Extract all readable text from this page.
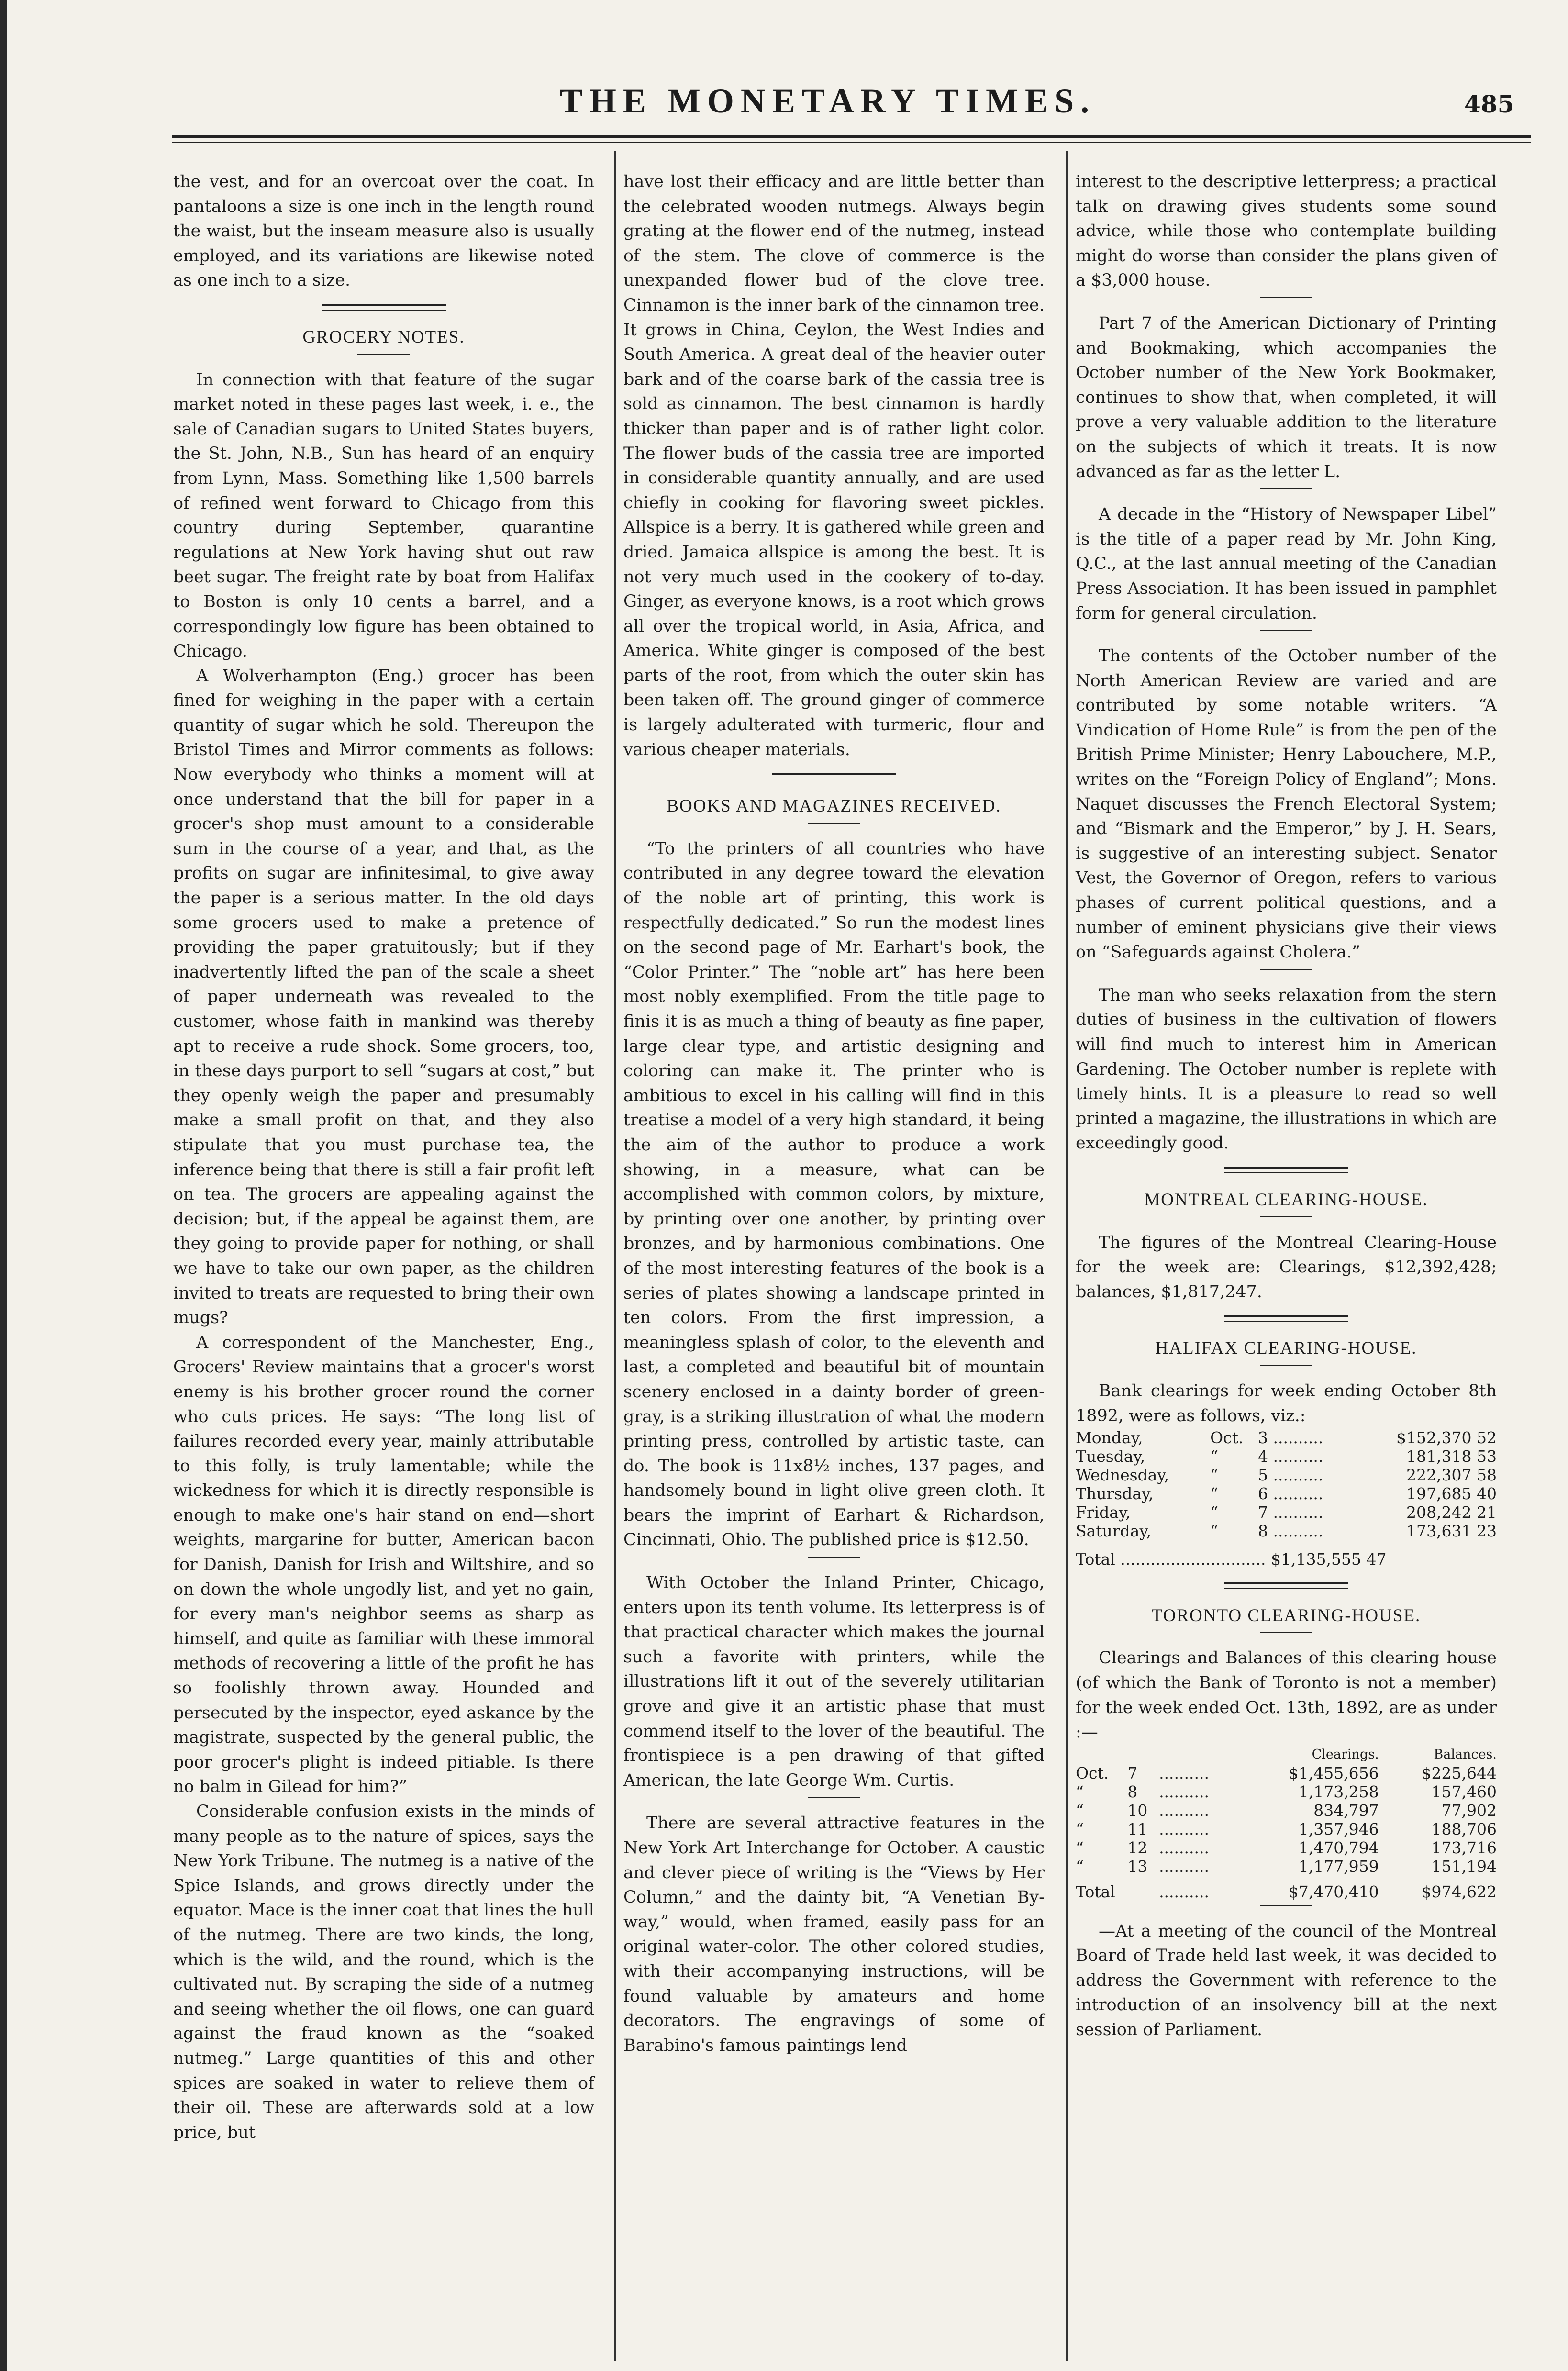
THE MONETARY TIMES.	485

the vest, and for an overcoat over the coat. In pantaloons a size is one inch in the length round the waist, but the inseam measure also is usually employed, and its variations are likewise noted as one inch to a size.

GROCERY NOTES.

In connection with that feature of the sugar market noted in these pages last week, i. e., the sale of Canadian sugars to United States buyers, the St. John, N.B., Sun has heard of an enquiry from Lynn, Mass. Something like 1,500 barrels of refined went forward to Chicago from this country during September, quarantine regulations at New York having shut out raw beet sugar. The freight rate by boat from Halifax to Boston is only 10 cents a barrel, and a correspondingly low figure has been obtained to Chicago.

A Wolverhampton (Eng.) grocer has been fined for weighing in the paper with a certain quantity of sugar which he sold. Thereupon the Bristol Times and Mirror comments as follows: Now everybody who thinks a moment will at once understand that the bill for paper in a grocer's shop must amount to a considerable sum in the course of a year, and that, as the profits on sugar are infinitesimal, to give away the paper is a serious matter. In the old days some grocers used to make a pretence of providing the paper gratuitously; but if they inadvertently lifted the pan of the scale a sheet of paper underneath was revealed to the customer, whose faith in mankind was thereby apt to receive a rude shock. Some grocers, too, in these days purport to sell “sugars at cost,” but they openly weigh the paper and presumably make a small profit on that, and they also stipulate that you must purchase tea, the inference being that there is still a fair profit left on tea. The grocers are appealing against the decision; but, if the appeal be against them, are they going to provide paper for nothing, or shall we have to take our own paper, as the children invited to treats are requested to bring their own mugs?

A correspondent of the Manchester, Eng., Grocers' Review maintains that a grocer's worst enemy is his brother grocer round the corner who cuts prices. He says: “The long list of failures recorded every year, mainly attributable to this folly, is truly lamentable; while the wickedness for which it is directly responsible is enough to make one's hair stand on end—short weights, margarine for butter, American bacon for Danish, Danish for Irish and Wiltshire, and so on down the whole ungodly list, and yet no gain, for every man's neighbor seems as sharp as himself, and quite as familiar with these immoral methods of recovering a little of the profit he has so foolishly thrown away. Hounded and persecuted by the inspector, eyed askance by the magistrate, suspected by the general public, the poor grocer's plight is indeed pitiable. Is there no balm in Gilead for him?”

Considerable confusion exists in the minds of many people as to the nature of spices, says the New York Tribune. The nutmeg is a native of the Spice Islands, and grows directly under the equator. Mace is the inner coat that lines the hull of the nutmeg. There are two kinds, the long, which is the wild, and the round, which is the cultivated nut. By scraping the side of a nutmeg and seeing whether the oil flows, one can guard against the fraud known as the “soaked nutmeg.” Large quantities of this and other spices are soaked in water to relieve them of their oil. These are afterwards sold at a low price, but

have lost their efficacy and are little better than the celebrated wooden nutmegs. Always begin grating at the flower end of the nutmeg, instead of the stem. The clove of commerce is the unexpanded flower bud of the clove tree. Cinnamon is the inner bark of the cinnamon tree. It grows in China, Ceylon, the West Indies and South America. A great deal of the heavier outer bark and of the coarse bark of the cassia tree is sold as cinnamon. The best cinnamon is hardly thicker than paper and is of rather light color. The flower buds of the cassia tree are imported in considerable quantity annually, and are used chiefly in cooking for flavoring sweet pickles. Allspice is a berry. It is gathered while green and dried. Jamaica allspice is among the best. It is not very much used in the cookery of to-day. Ginger, as everyone knows, is a root which grows all over the tropical world, in Asia, Africa, and America. White ginger is composed of the best parts of the root, from which the outer skin has been taken off. The ground ginger of commerce is largely adulterated with turmeric, flour and various cheaper materials.

BOOKS AND MAGAZINES RECEIVED.

“To the printers of all countries who have contributed in any degree toward the elevation of the noble art of printing, this work is respectfully dedicated.” So run the modest lines on the second page of Mr. Earhart's book, the “Color Printer.” The “noble art” has here been most nobly exemplified. From the title page to finis it is as much a thing of beauty as fine paper, large clear type, and artistic designing and coloring can make it. The printer who is ambitious to excel in his calling will find in this treatise a model of a very high standard, it being the aim of the author to produce a work showing, in a measure, what can be accomplished with common colors, by mixture, by printing over one another, by printing over bronzes, and by harmonious combinations. One of the most interesting features of the book is a series of plates showing a landscape printed in ten colors. From the first impression, a meaningless splash of color, to the eleventh and last, a completed and beautiful bit of mountain scenery enclosed in a dainty border of green-gray, is a striking illustration of what the modern printing press, controlled by artistic taste, can do. The book is 11x8½ inches, 137 pages, and handsomely bound in light olive green cloth. It bears the imprint of Earhart & Richardson, Cincinnati, Ohio. The published price is $12.50.

With October the Inland Printer, Chicago, enters upon its tenth volume. Its letterpress is of that practical character which makes the journal such a favorite with printers, while the illustrations lift it out of the severely utilitarian grove and give it an artistic phase that must commend itself to the lover of the beautiful. The frontispiece is a pen drawing of that gifted American, the late George Wm. Curtis.

There are several attractive features in the New York Art Interchange for October. A caustic and clever piece of writing is the “Views by Her Column,” and the dainty bit, “A Venetian By-way,” would, when framed, easily pass for an original water-color. The other colored studies, with their accompanying instructions, will be found valuable by amateurs and home decorators. The engravings of some of Barabino's famous paintings lend

interest to the descriptive letterpress; a practical talk on drawing gives students some sound advice, while those who contemplate building might do worse than consider the plans given of a $3,000 house.

Part 7 of the American Dictionary of Printing and Bookmaking, which accompanies the October number of the New York Bookmaker, continues to show that, when completed, it will prove a very valuable addition to the literature on the subjects of which it treats. It is now advanced as far as the letter L.

A decade in the “History of Newspaper Libel” is the title of a paper read by Mr. John King, Q.C., at the last annual meeting of the Canadian Press Association. It has been issued in pamphlet form for general circulation.

The contents of the October number of the North American Review are varied and are contributed by some notable writers. “A Vindication of Home Rule” is from the pen of the British Prime Minister; Henry Labouchere, M.P., writes on the “Foreign Policy of England”; Mons. Naquet discusses the French Electoral System; and “Bismark and the Emperor,” by J. H. Sears, is suggestive of an interesting subject. Senator Vest, the Governor of Oregon, refers to various phases of current political questions, and a number of eminent physicians give their views on “Safeguards against Cholera.”

The man who seeks relaxation from the stern duties of business in the cultivation of flowers will find much to interest him in American Gardening. The October number is replete with timely hints. It is a pleasure to read so well printed a magazine, the illustrations in which are exceedingly good.

MONTREAL CLEARING-HOUSE.

The figures of the Montreal Clearing-House for the week are: Clearings, $12,392,428; balances, $1,817,247.

HALIFAX CLEARING-HOUSE.

Bank clearings for week ending October 8th 1892, were as follows, viz.:

Monday,	Oct.	3 ..........	$152,370 52
Tuesday,	“	4 ..........	181,318 53
Wednesday,	“	5 ..........	222,307 58
Thursday,	“	6 ..........	197,685 40
Friday,	“	7 ..........	208,242 21
Saturday,	“	8 ..........	173,631 23
Total ............................. $1,135,555 47
TORONTO CLEARING-HOUSE.

Clearings and Balances of this clearing house (of which the Bank of Toronto is not a member) for the week ended Oct. 13th, 1892, are as under :—

			Clearings.	Balances.
Oct.	7	..........	$1,455,656	$225,644
“	8	..........	1,173,258	157,460
“	10	..........	834,797	77,902
“	11	..........	1,357,946	188,706
“	12	..........	1,470,794	173,716
“	13	..........	1,177,959	151,194

Total		..........	$7,470,410	$974,622

—At a meeting of the council of the Montreal Board of Trade held last week, it was decided to address the Government with reference to the introduction of an insolvency bill at the next session of Parliament.
